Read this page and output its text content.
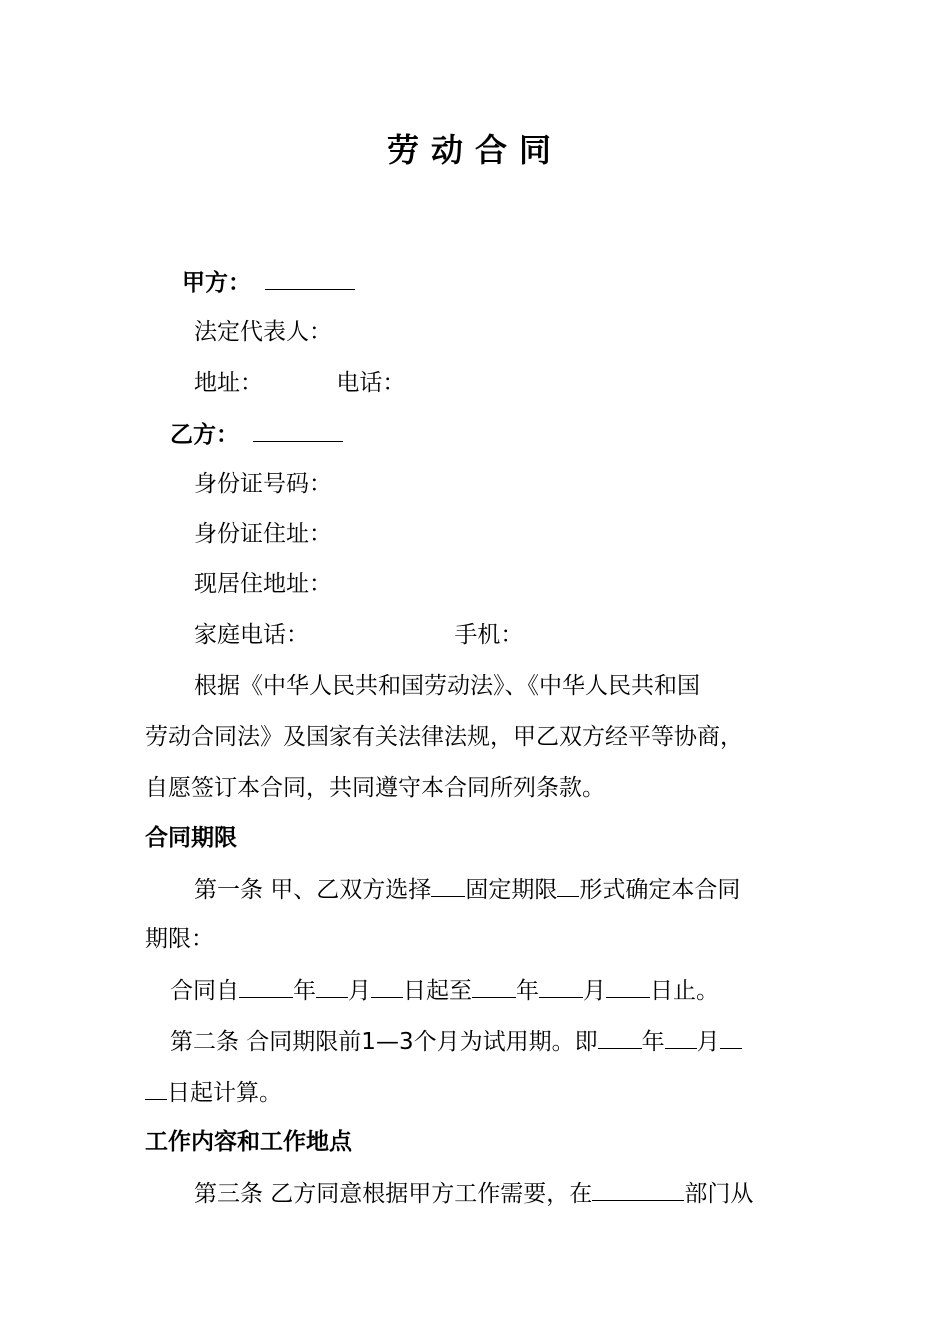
劳动合同
甲方：
法定代表人：
地址：	电话：
乙方：
身份证号码：
身份证住址：
现居住地址：
家庭电话：	手机：
根据《中华人民共和国劳动法》、《中华人民共和国
劳动合同法》及国家有关法律法规，甲乙双方经平等协商，
自愿签订本合同，共同遵守本合同所列条款。
合同期限
第一条 甲、乙双方选择 固定期限 形式确定本合同
期限：
合同自 年 月 日起至 年 月 日止。
第二条 合同期限前1—3个月为试用期。即 年 月
日起计算。
工作内容和工作地点
第三条 乙方同意根据甲方工作需要，在	部门从
